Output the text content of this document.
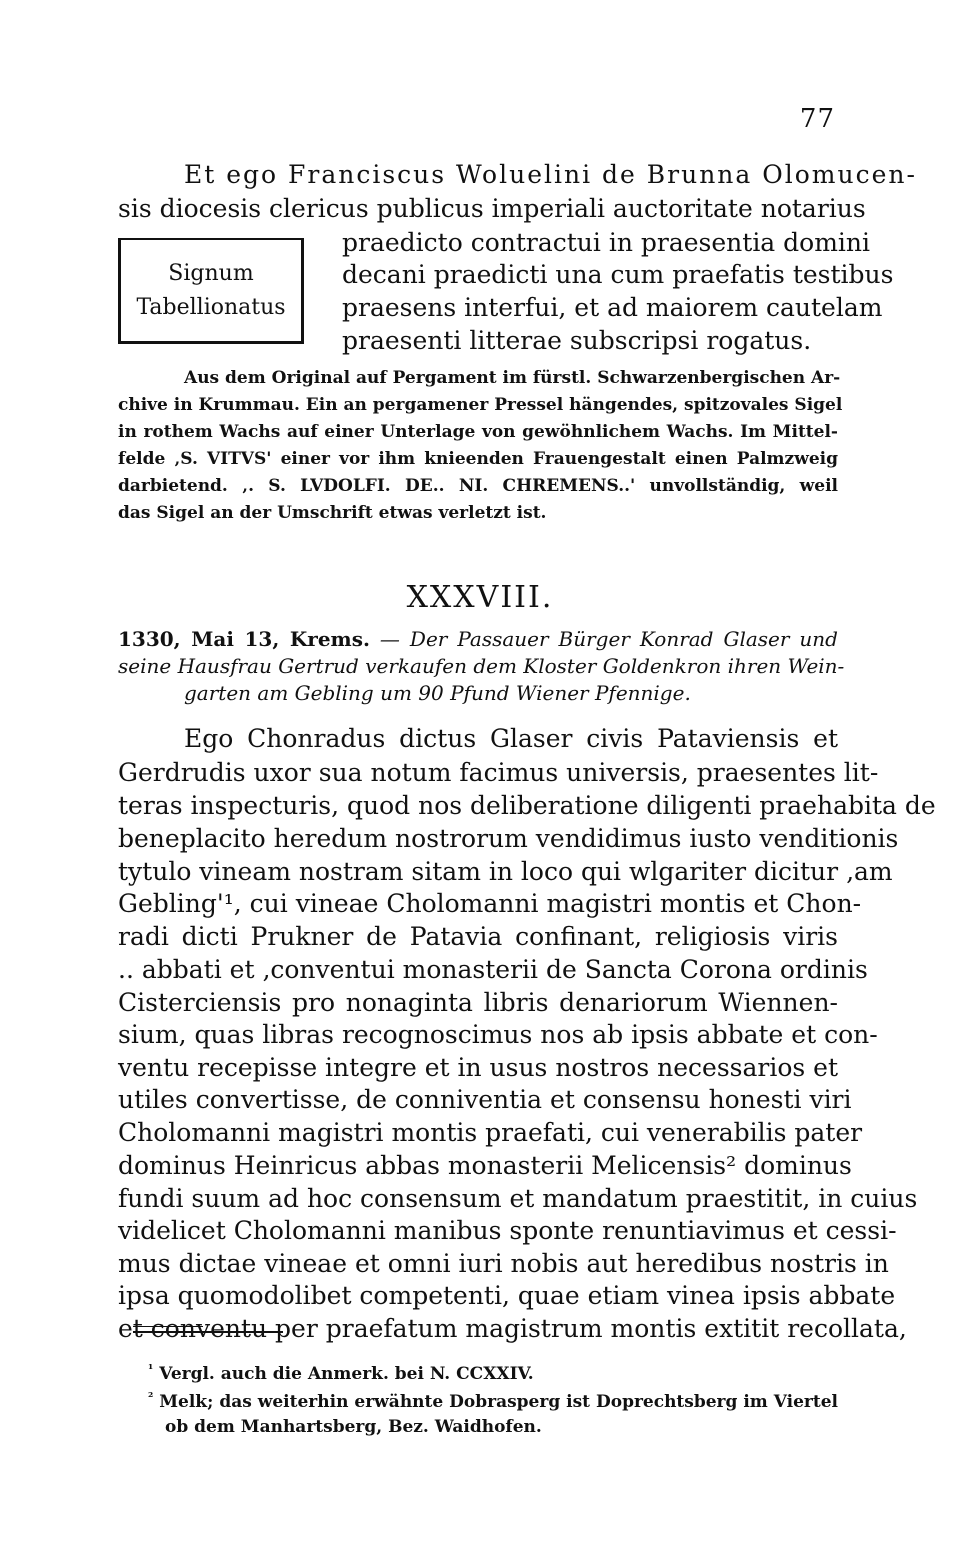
77
Et ego Franciscus Woluelini de Brunna Olomucen-
sis diocesis clericus publicus imperiali auctoritate notarius
praedicto contractui in praesentia domini
decani praedicti una cum praefatis testibus
praesens interfui, et ad maiorem cautelam
praesenti litterae subscripsi rogatus.
Signum
Tabellionatus
Aus dem Original auf Pergament im fürstl. Schwarzenbergischen Ar-
chive in Krummau. Ein an pergamener Pressel hängendes, spitzovales Sigel
in rothem Wachs auf einer Unterlage von gewöhnlichem Wachs. Im Mittel-
felde ‚S. VITVS' einer vor ihm knieenden Frauengestalt einen Palmzweig
darbietend. ‚. S. LVDOLFI. DE.. NI. CHREMENS..' unvollständig, weil
das Sigel an der Umschrift etwas verletzt ist.
XXXVIII.
1330, Mai 13, Krems. — Der Passauer Bürger Konrad Glaser und
seine Hausfrau Gertrud verkaufen dem Kloster Goldenkron ihren Wein-
garten am Gebling um 90 Pfund Wiener Pfennige.
Ego Chonradus dictus Glaser civis Pataviensis et
Gerdrudis uxor sua notum facimus universis, praesentes lit-
teras inspecturis, quod nos deliberatione diligenti praehabita de
beneplacito heredum nostrorum vendidimus iusto venditionis
tytulo vineam nostram sitam in loco qui wlgariter dicitur ‚am
Gebling'¹, cui vineae Cholomanni magistri montis et Chon-
radi dicti Prukner de Patavia confinant, religiosis viris
.. abbati et ‚conventui monasterii de Sancta Corona ordinis
Cisterciensis pro nonaginta libris denariorum Wiennen-
sium, quas libras recognoscimus nos ab ipsis abbate et con-
ventu recepisse integre et in usus nostros necessarios et
utiles convertisse, de conniventia et consensu honesti viri
Cholomanni magistri montis praefati, cui venerabilis pater
dominus Heinricus abbas monasterii Melicensis² dominus
fundi suum ad hoc consensum et mandatum praestitit, in cuius
videlicet Cholomanni manibus sponte renuntiavimus et cessi-
mus dictae vineae et omni iuri nobis aut heredibus nostris in
ipsa quomodolibet competenti, quae etiam vinea ipsis abbate
et conventu per praefatum magistrum montis extitit recollata,
$^{^1}$ Vergl. auch die Anmerk. bei N. CCXXIV.
$^{^2}$ Melk; das weiterhin erwähnte Dobrasperg ist Doprechtsberg im Viertel
ob dem Manhartsberg, Bez. Waidhofen.
